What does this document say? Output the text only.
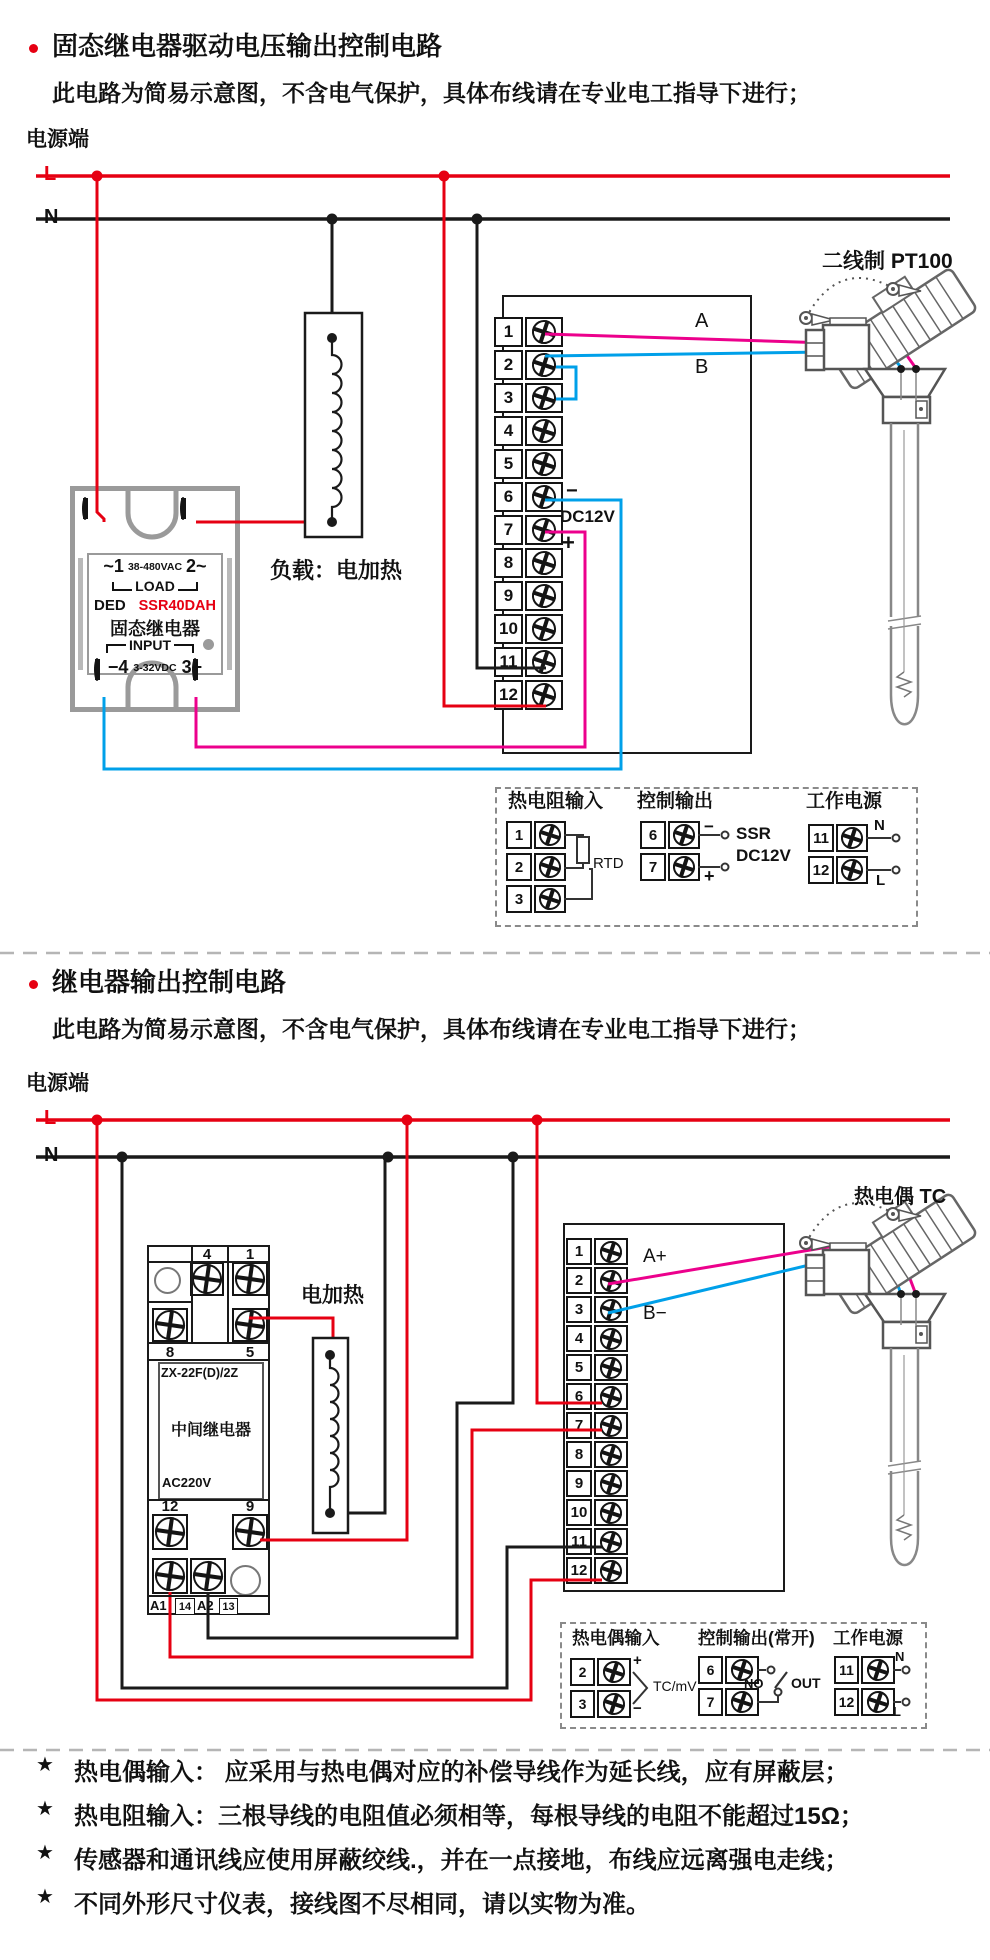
固态继电器驱动电压输出控制电路
此电路为简易示意图，不含电气保护，具体布线请在专业电工指导下进行；
电源端
L
N
1
2
3
4
5
6
7
8
9
10
11
12
−
DC12V
+
A
B
二线制 PT100
负载：电加热
~1 38-480VAC 2~
LOAD
DED SSR40DAH
固态继电器
INPUT
−4 3-32VDC 3+
热电阻输入 控制输出	工作电源
1
2
3
RTD
6
7
−
+
SSR
DC12V
11
12
N
L
继电器输出控制电路
此电路为简易示意图，不含电气保护，具体布线请在专业电工指导下进行；
电源端
L
N
4	1
8	5
ZX-22F(D)/2Z
中间继电器
AC220V
12	9
A1	14 A2 13
电加热
1
2
3
4
5
6
7
8
9
10
11
12
A+
B−
热电偶 TC
热电偶输入 控制输出(常开) 工作电源
2
3
+
−
TC/mV
6
7
NO OUT
11
12
N
L
★ 热电偶输入： 应采用与热电偶对应的补偿导线作为延长线，应有屏蔽层；
★ 热电阻输入：三根导线的电阻值必须相等，每根导线的电阻不能超过15Ω；
★ 传感器和通讯线应使用屏蔽绞线.，并在一点接地，布线应远离强电走线；
★ 不同外形尺寸仪表，接线图不尽相同，请以实物为准。
